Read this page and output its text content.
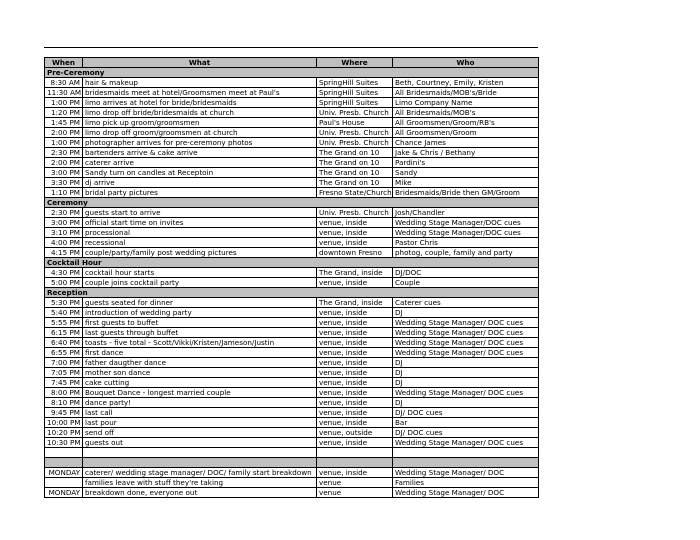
When	What	Where	Who
Pre-Ceremony			
8:30 AM	hair & makeup	SpringHill Suites	Beth, Courtney, Emily, Kristen
11:30 AM	bridesmaids meet at hotel/Groomsmen meet at Paul's	SpringHill Suites	All Bridesmaids/MOB's/Bride
1:00 PM	limo arrives at hotel for bride/bridesmaids	SpringHill Suites	Limo Company Name
1:20 PM	limo drop off bride/bridesmaids at church	Univ. Presb. Church	All Bridesmaids/MOB's
1:45 PM	limo pick up groom/groomsmen	Paul's House	All Groomsmen/Groom/RB's
2:00 PM	limo drop off groom/groomsmen at church	Univ. Presb. Church	All Groomsmen/Groom
1:00 PM	photographer arrives for pre-ceremony photos	Univ. Presb. Church	Chance James
2:30 PM	bartenders arrive & cake arrive	The Grand on 10	Jake & Chris / Bethany
2:00 PM	caterer arrive	The Grand on 10	Pardini's
3:00 PM	Sandy turn on candles at Receptoin	The Grand on 10	Sandy
3:30 PM	dj arrive	The Grand on 10	Mike
1:10 PM	bridal party pictures	Fresno State/Church	Bridesmaids/Bride then GM/Groom
Ceremony			
2:30 PM	guests start to arrive	Univ. Presb. Church	Josh/Chandler
3:00 PM	official start time on invites	venue, inside	Wedding Stage Manager/DOC cues
3:10 PM	processional	venue, inside	Wedding Stage Manager/DOC cues
4:00 PM	recessional	venue, inside	Pastor Chris
4:15 PM	couple/party/family post wedding pictures	downtown Fresno	photog, couple, family and party
Cocktail Hour			
4:30 PM	cocktail hour starts	The Grand, inside	DJ/DOC
5:00 PM	couple joins cocktail party	venue, inside	Couple
Reception			
5:30 PM	guests seated for dinner	The Grand, inside	Caterer cues
5:40 PM	introduction of wedding party	venue, inside	DJ
5:55 PM	first guests to buffet	venue, inside	Wedding Stage Manager/ DOC cues
6:15 PM	last guests through buffet	venue, inside	Wedding Stage Manager/ DOC cues
6:40 PM	toasts - five total - Scott/Vikki/Kristen/Jameson/Justin	venue, inside	Wedding Stage Manager/ DOC cues
6:55 PM	first dance	venue, inside	Wedding Stage Manager/ DOC cues
7:00 PM	father daugther dance	venue, inside	DJ
7:05 PM	mother son dance	venue, inside	DJ
7:45 PM	cake cutting	venue, inside	DJ
8:00 PM	Bouquet Dance - longest married couple	venue, inside	Wedding Stage Manager/ DOC cues
8:10 PM	dance party!	venue, inside	DJ
9:45 PM	last call	venue, inside	DJ/ DOC cues
10:00 PM	last pour	venue, inside	Bar
10:20 PM	send off	venue, outside	DJ/ DOC cues
10:30 PM	guests out	venue, inside	Wedding Stage Manager/ DOC cues

MONDAY	caterer/ wedding stage manager/ DOC/ family start breakdown	venue, inside	Wedding Stage Manager/ DOC
	families leave with stuff they're taking	venue	Families
MONDAY	breakdown done, everyone out	venue	Wedding Stage Manager/ DOC
